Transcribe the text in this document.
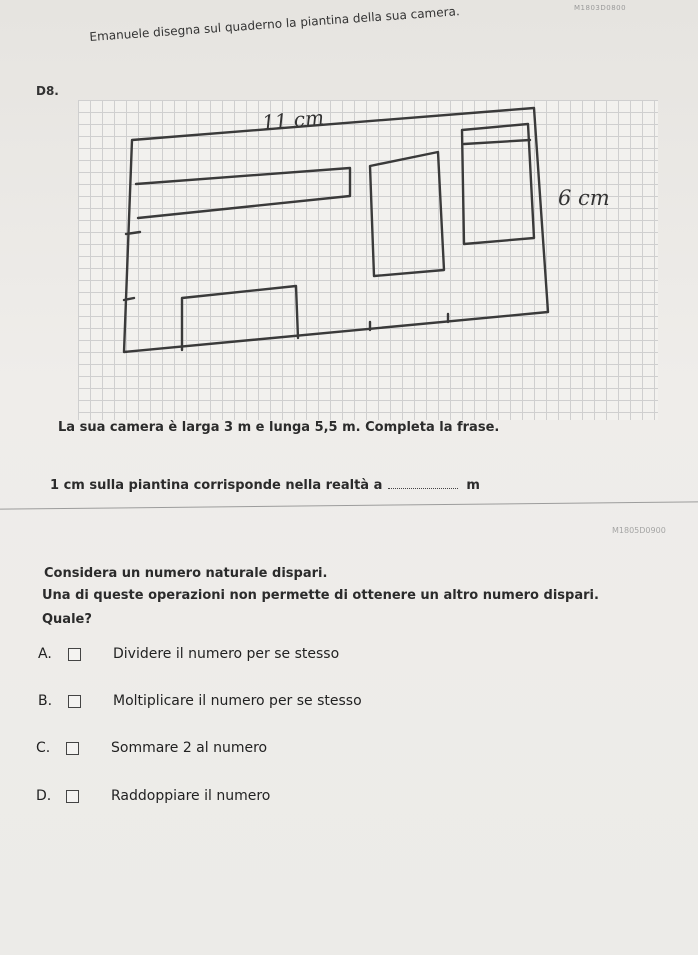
M1803D0800
Emanuele disegna sul quaderno la piantina della sua camera.
D8.
11 cm
6 cm
La sua camera è larga 3 m e lunga 5,5 m. Completa la frase.
1 cm sulla piantina corrisponde nella realtà a	m
M1805D0900
Considera un numero naturale dispari.
Una di queste operazioni non permette di ottenere un altro numero dispari.
Quale?
A.	Dividere il numero per se stesso
B.	Moltiplicare il numero per se stesso
C.	Sommare 2 al numero
D.	Raddoppiare il numero
